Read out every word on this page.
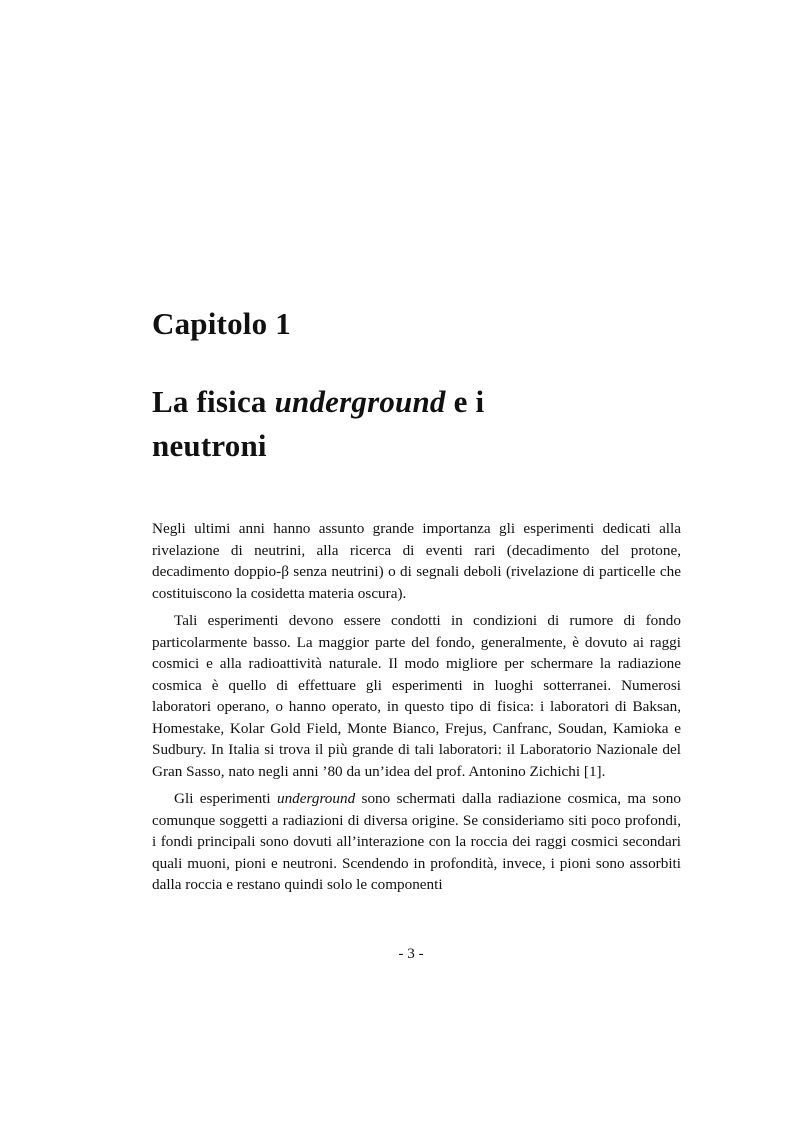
Capitolo 1
La fisica underground e i
neutroni

Negli ultimi anni hanno assunto grande importanza gli esperimenti dedicati alla rivelazione di neutrini, alla ricerca di eventi rari (decadimento del protone, decadimento doppio-β senza neutrini) o di segnali deboli (rivelazione di particelle che costituiscono la cosidetta materia oscura).

Tali esperimenti devono essere condotti in condizioni di rumore di fondo particolarmente basso. La maggior parte del fondo, generalmente, è dovuto ai raggi cosmici e alla radioattività naturale. Il modo migliore per schermare la radiazione cosmica è quello di effettuare gli esperimenti in luoghi sotterranei. Numerosi laboratori operano, o hanno operato, in questo tipo di fisica: i laboratori di Baksan, Homestake, Kolar Gold Field, Monte Bianco, Frejus, Canfranc, Soudan, Kamioka e Sudbury. In Italia si trova il più grande di tali laboratori: il Laboratorio Nazionale del Gran Sasso, nato negli anni ’80 da un’idea del prof. Antonino Zichichi [1].

Gli esperimenti underground sono schermati dalla radiazione cosmica, ma sono comunque soggetti a radiazioni di diversa origine. Se consideriamo siti poco profondi, i fondi principali sono dovuti all’interazione con la roccia dei raggi cosmici secondari quali muoni, pioni e neutroni. Scendendo in profondità, invece, i pioni sono assorbiti dalla roccia e restano quindi solo le componenti

- 3 -
